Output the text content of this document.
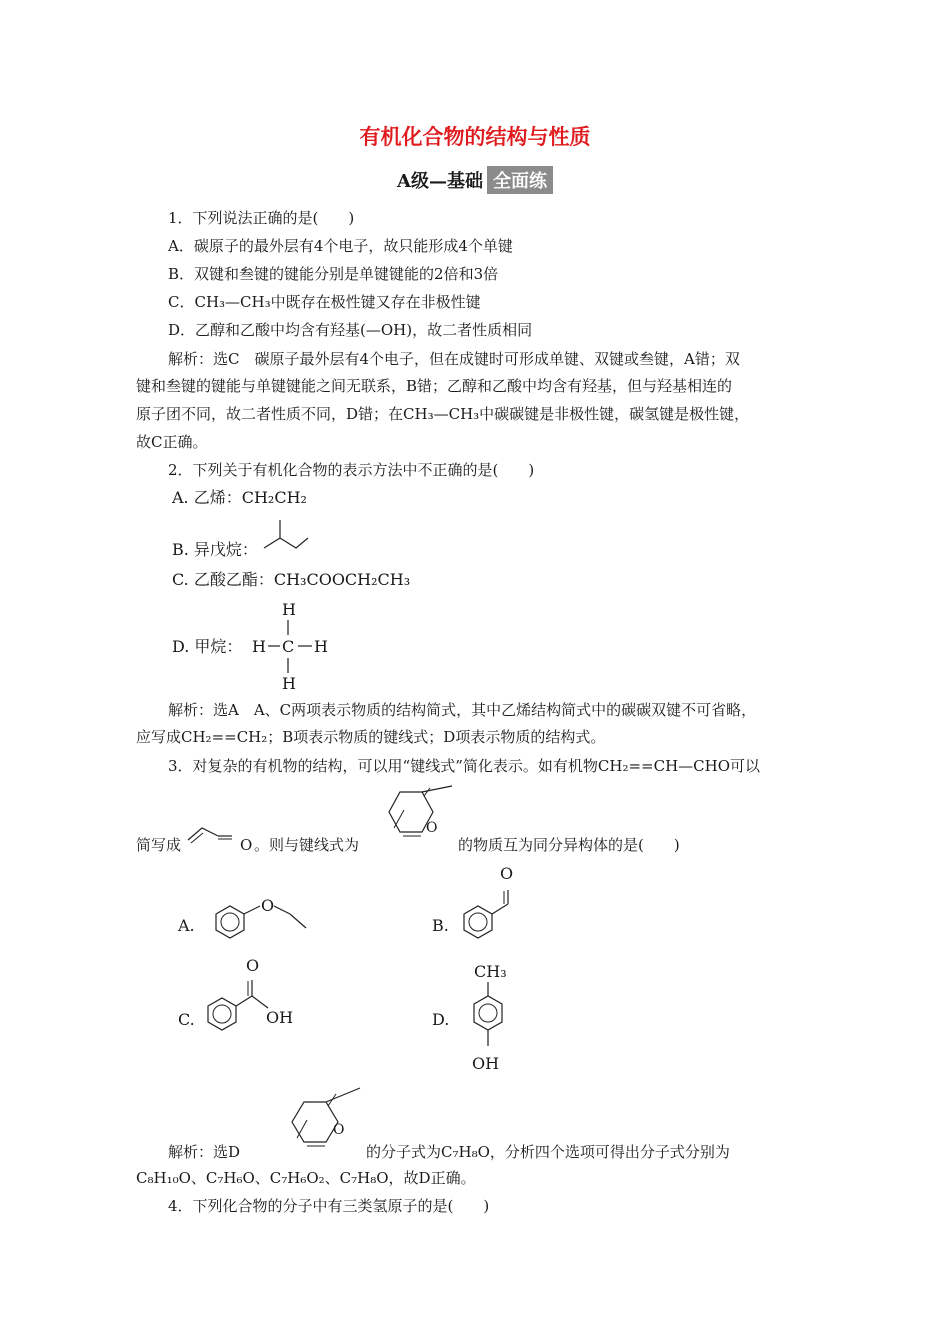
有机化合物的结构与性质
A级—基础 全面练
1．下列说法正确的是(　　)
A．碳原子的最外层有4个电子，故只能形成4个单键
B．双键和叁键的键能分别是单键键能的2倍和3倍
C．CH₃—CH₃中既存在极性键又存在非极性键
D．乙醇和乙酸中均含有羟基(—OH)，故二者性质相同
解析：选C　碳原子最外层有4个电子，但在成键时可形成单键、双键或叁键，A错；双
键和叁键的键能与单键键能之间无联系，B错；乙醇和乙酸中均含有羟基，但与羟基相连的
原子团不同，故二者性质不同，D错；在CH₃—CH₃中碳碳键是非极性键，碳氢键是极性键，
故C正确。
2．下列关于有机化合物的表示方法中不正确的是(　　)
A. 乙烯：CH₂CH₂
B. 异戊烷：
C. 乙酸乙酯：CH₃COOCH₂CH₃
D. 甲烷：
H
H C H
H
解析：选A　A、C两项表示物质的结构简式，其中乙烯结构简式中的碳碳双键不可省略，
应写成CH₂==CH₂；B项表示物质的键线式；D项表示物质的结构式。
3．对复杂的有机物的结构，可以用“键线式”简化表示。如有机物CH₂==CH—CHO可以
简写成	O 。则与键线式为
O
的物质互为同分异构体的是(　　)
A.
O
B.
O
C.
O
OH	D.
CH₃
OH
解析：选D
O
的分子式为C₇H₈O，分析四个选项可得出分子式分别为
C₈H₁₀O、C₇H₆O、C₇H₆O₂、C₇H₈O，故D正确。
4．下列化合物的分子中有三类氢原子的是(　　)
